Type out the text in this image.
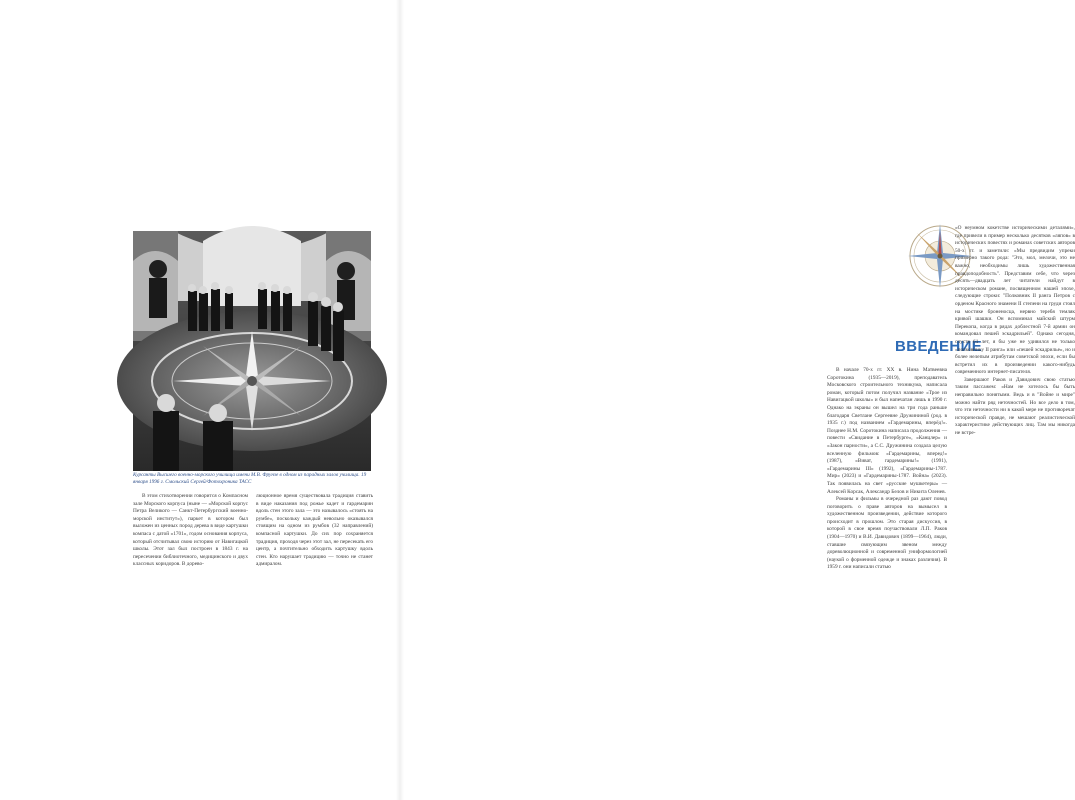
Курсанты Высшего военно-морского училища имени М.В. Фрунзе в одном из парадных залов училища. 19 января 1996 г. Смольский Сергей/Фотохроника ТАСС

В этом стихотворении говорится о Компасном зале Морского корпуса (ныне — «Морской корпус Петра Великого — Санкт-Петербургский военно-морской институт»), паркет в котором был выложен из ценных пород дерева в виде картушки компаса с датой «1701», годом основания корпуса, который отсчитывал свою историю от Навигацкой школы. Этот зал был построен в 1843 г. на пересечении библиотечного, медицинского и двух классных коридоров. В дорево-

люционное время существовала традиция ставить в виде наказания под рожье кадет и гардемарин вдоль стен этого зала — это называлось «стоять на румбе», поскольку каждый невольно оказывался стоящим на одном из румбов (32 направлений) компасной картушки. До сих пор сохраняется традиция, проходя через этот зал, не пересекать его центр, а почтительно обходить картушку вдоль стен. Кто нарушает традицию — точно не станет адмиралом.

ВВЕДЕНИЕ

В начале 70-х гг. XX в. Нина Матвеевна Соротокина (1935—2019), преподаватель Московского строительного техникума, написала роман, который потом получил название «Трое из Навигацкой школы» и был напечатан лишь в 1990 г. Однако на экраны он вышел на три года раньше благодаря Светлане Сергеевне Дружининой (род. в 1935 г.) под названием «Гардемарины, вперёд!». Позднее Н.М. Соротокина написала продолжения — повести «Свидание в Петербурге», «Канцлер» и «Закон парности», а С.С. Дружинина создала целую вселенную фильмов: «Гардемарины, вперед!» (1987), «Виват, гардемарины!» (1991), «Гардемарины III» (1992), «Гардемарины-1787. Мир» (2023) и «Гардемарины-1787. Война» (2023). Так появилась на свет «русские мушкетеры» — Алексей Корсак, Александр Белов и Никита Оленев.

Романы и фильмы в очередной раз дают повод поговорить о праве авторов на вымысел в художественном произведении, действие которого происходит в прошлом. Это старая дискуссия, в которой в свое время поучаствовали Л.П. Раков (1904—1970) и В.И. Давидович (1899—1964), люди, ставшие связующим звеном между дореволюционной и современной униформологией (наукой о форменной одежде и знаках различия). В 1959 г. они написали статью

«О неумном кокетстве историческими деталями», где привели в пример несколько десятков «ляпов» в исторических повестях и романах советских авторов 50-х гг. и заметили: «Мы предвидим упреки примерно такого рода: "Это, мол, мелочи, это не важно, необходимы лишь художественная правдоподобность". Представим себе, что через десять—двадцать лет читатели найдут в историческом романе, посвященном нашей эпохе, следующие строки: "Полковник II ранга Петров с орденом Красного знамени II степени на груди стоял на мостике броненосца, нервно теребя темляк кривой шашки. Он вспоминал майский штурм Перекопа, когда в рядах доблестной 7-й армии он командовал пешей эскадрильей". Однако сегодня, спустя 61 лет, я бы уже не удивился не только «полковнику II ранга» или «пешей эскадрилье», но и более нелепым атрибутам советской эпохи, если бы встретил их в произведении какого-нибудь современного интернет-писателя.

Завершают Раков и Давидович свою статью таким пассажем: «Нам не хотелось бы быть неправильно понятыми. Ведь и в "Войне и мире" можно найти ряд неточностей. Но все дело в том, что эти неточности ни в какой мере не противоречат исторической правде, не мешают реалистической характеристике действующих лиц. Там мы никогда не встре-
